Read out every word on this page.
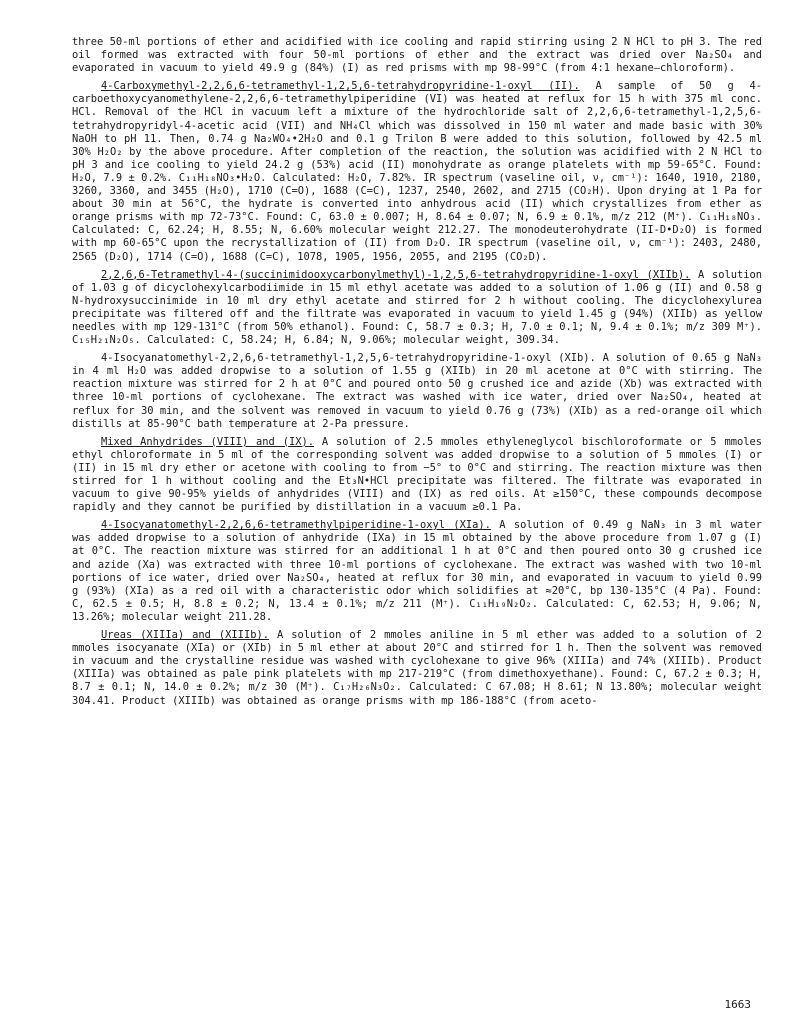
three 50-ml portions of ether and acidified with ice cooling and rapid stirring using 2 N HCl to pH 3. The red oil formed was extracted with four 50-ml portions of ether and the extract was dried over Na₂SO₄ and evaporated in vacuum to yield 49.9 g (84%) (I) as red prisms with mp 98-99°C (from 4:1 hexane—chloroform).

4-Carboxymethyl-2,2,6,6-tetramethyl-1,2,5,6-tetrahydropyridine-1-oxyl (II). A sample of 50 g 4-carboethoxycyanomethylene-2,2,6,6-tetramethylpiperidine (VI) was heated at reflux for 15 h with 375 ml conc. HCl. Removal of the HCl in vacuum left a mixture of the hydrochloride salt of 2,2,6,6-tetramethyl-1,2,5,6-tetrahydropyridyl-4-acetic acid (VII) and NH₄Cl which was dissolved in 150 ml water and made basic with 30% NaOH to pH 11. Then, 0.74 g Na₂WO₄•2H₂O and 0.1 g Trilon B were added to this solution, followed by 42.5 ml 30% H₂O₂ by the above procedure. After completion of the reaction, the solution was acidified with 2 N HCl to pH 3 and ice cooling to yield 24.2 g (53%) acid (II) monohydrate as orange platelets with mp 59-65°C. Found: H₂O, 7.9 ± 0.2%. C₁₁H₁₈NO₃•H₂O. Calculated: H₂O, 7.82%. IR spectrum (vaseline oil, ν, cm⁻¹): 1640, 1910, 2180, 3260, 3360, and 3455 (H₂O), 1710 (C=O), 1688 (C=C), 1237, 2540, 2602, and 2715 (CO₂H). Upon drying at 1 Pa for about 30 min at 56°C, the hydrate is converted into anhydrous acid (II) which crystallizes from ether as orange prisms with mp 72-73°C. Found: C, 63.0 ± 0.007; H, 8.64 ± 0.07; N, 6.9 ± 0.1%, m/z 212 (M⁺). C₁₁H₁₈NO₃. Calculated: C, 62.24; H, 8.55; N, 6.60% molecular weight 212.27. The monodeuterohydrate (II-D•D₂O) is formed with mp 60-65°C upon the recrystallization of (II) from D₂O. IR spectrum (vaseline oil, ν, cm⁻¹): 2403, 2480, 2565 (D₂O), 1714 (C=O), 1688 (C=C), 1078, 1905, 1956, 2055, and 2195 (CO₂D).

2,2,6,6-Tetramethyl-4-(succinimidooxycarbonylmethyl)-1,2,5,6-tetrahydropyridine-1-oxyl (XIIb). A solution of 1.03 g of dicyclohexylcarbodiimide in 15 ml ethyl acetate was added to a solution of 1.06 g (II) and 0.58 g N-hydroxysuccinimide in 10 ml dry ethyl acetate and stirred for 2 h without cooling. The dicyclohexylurea precipitate was filtered off and the filtrate was evaporated in vacuum to yield 1.45 g (94%) (XIIb) as yellow needles with mp 129-131°C (from 50% ethanol). Found: C, 58.7 ± 0.3; H, 7.0 ± 0.1; N, 9.4 ± 0.1%; m/z 309 M⁺). C₁₅H₂₁N₂O₅. Calculated: C, 58.24; H, 6.84; N, 9.06%; molecular weight, 309.34.

4-Isocyanatomethyl-2,2,6,6-tetramethyl-1,2,5,6-tetrahydropyridine-1-oxyl (XIb). A solution of 0.65 g NaN₃ in 4 ml H₂O was added dropwise to a solution of 1.55 g (XIIb) in 20 ml acetone at 0°C with stirring. The reaction mixture was stirred for 2 h at 0°C and poured onto 50 g crushed ice and azide (Xb) was extracted with three 10-ml portions of cyclohexane. The extract was washed with ice water, dried over Na₂SO₄, heated at reflux for 30 min, and the solvent was removed in vacuum to yield 0.76 g (73%) (XIb) as a red-orange oil which distills at 85-90°C bath temperature at 2-Pa pressure.

Mixed Anhydrides (VIII) and (IX). A solution of 2.5 mmoles ethyleneglycol bischloroformate or 5 mmoles ethyl chloroformate in 5 ml of the corresponding solvent was added dropwise to a solution of 5 mmoles (I) or (II) in 15 ml dry ether or acetone with cooling to from −5° to 0°C and stirring. The reaction mixture was then stirred for 1 h without cooling and the Et₃N•HCl precipitate was filtered. The filtrate was evaporated in vacuum to give 90-95% yields of anhydrides (VIII) and (IX) as red oils. At ≥150°C, these compounds decompose rapidly and they cannot be purified by distillation in a vacuum ≥0.1 Pa.

4-Isocyanatomethyl-2,2,6,6-tetramethylpiperidine-1-oxyl (XIa). A solution of 0.49 g NaN₃ in 3 ml water was added dropwise to a solution of anhydride (IXa) in 15 ml obtained by the above procedure from 1.07 g (I) at 0°C. The reaction mixture was stirred for an additional 1 h at 0°C and then poured onto 30 g crushed ice and azide (Xa) was extracted with three 10-ml portions of cyclohexane. The extract was washed with two 10-ml portions of ice water, dried over Na₂SO₄, heated at reflux for 30 min, and evaporated in vacuum to yield 0.99 g (93%) (XIa) as a red oil with a characteristic odor which solidifies at ≈20°C, bp 130-135°C (4 Pa). Found: C, 62.5 ± 0.5; H, 8.8 ± 0.2; N, 13.4 ± 0.1%; m/z 211 (M⁺). C₁₁H₁₉N₂O₂. Calculated: C, 62.53; H, 9.06; N, 13.26%; molecular weight 211.28.

Ureas (XIIIa) and (XIIIb). A solution of 2 mmoles aniline in 5 ml ether was added to a solution of 2 mmoles isocyanate (XIa) or (XIb) in 5 ml ether at about 20°C and stirred for 1 h. Then the solvent was removed in vacuum and the crystalline residue was washed with cyclohexane to give 96% (XIIIa) and 74% (XIIIb). Product (XIIIa) was obtained as pale pink platelets with mp 217-219°C (from dimethoxyethane). Found: C, 67.2 ± 0.3; H, 8.7 ± 0.1; N, 14.0 ± 0.2%; m/z 30 (M⁺). C₁₇H₂₆N₃O₂. Calculated: C 67.08; H 8.61; N 13.80%; molecular weight 304.41. Product (XIIIb) was obtained as orange prisms with mp 186-188°C (from aceto-

1663
